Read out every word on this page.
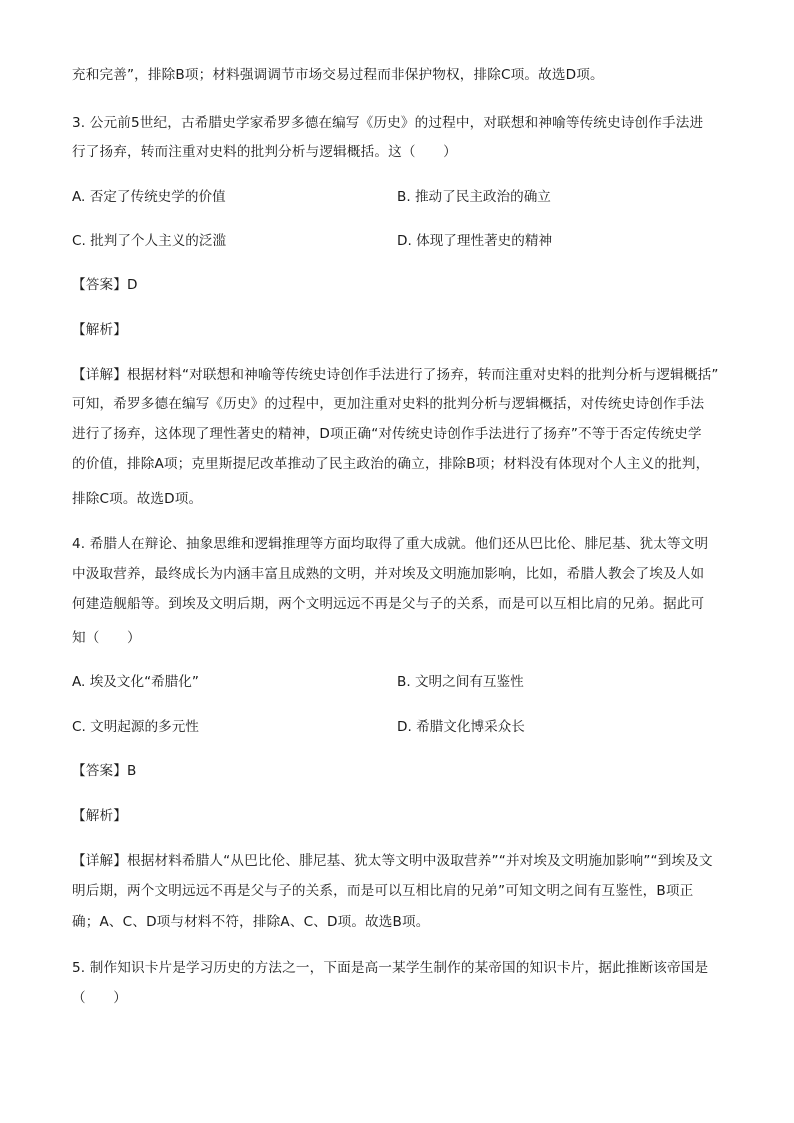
充和完善”，排除B项；材料强调调节市场交易过程而非保护物权，排除C项。故选D项。
3. 公元前5世纪，古希腊史学家希罗多德在编写《历史》的过程中，对联想和神喻等传统史诗创作手法进
行了扬弃，转而注重对史料的批判分析与逻辑概括。这（　　）
A. 否定了传统史学的价值	B. 推动了民主政治的确立
C. 批判了个人主义的泛滥	D. 体现了理性著史的精神
【答案】D
【解析】
【详解】根据材料“对联想和神喻等传统史诗创作手法进行了扬弃，转而注重对史料的批判分析与逻辑概括”
可知，希罗多德在编写《历史》的过程中，更加注重对史料的批判分析与逻辑概括，对传统史诗创作手法
进行了扬弃，这体现了理性著史的精神，D项正确“对传统史诗创作手法进行了扬弃”不等于否定传统史学
的价值，排除A项；克里斯提尼改革推动了民主政治的确立，排除B项；材料没有体现对个人主义的批判，
排除C项。故选D项。
4. 希腊人在辩论、抽象思维和逻辑推理等方面均取得了重大成就。他们还从巴比伦、腓尼基、犹太等文明
中汲取营养，最终成长为内涵丰富且成熟的文明，并对埃及文明施加影响，比如，希腊人教会了埃及人如
何建造舰船等。到埃及文明后期，两个文明远远不再是父与子的关系，而是可以互相比肩的兄弟。据此可
知（　　）
A. 埃及文化“希腊化”	B. 文明之间有互鉴性
C. 文明起源的多元性	D. 希腊文化博采众长
【答案】B
【解析】
【详解】根据材料希腊人“从巴比伦、腓尼基、犹太等文明中汲取营养”“并对埃及文明施加影响”“到埃及文
明后期，两个文明远远不再是父与子的关系，而是可以互相比肩的兄弟”可知文明之间有互鉴性，B项正
确；A、C、D项与材料不符，排除A、C、D项。故选B项。
5. 制作知识卡片是学习历史的方法之一，下面是高一某学生制作的某帝国的知识卡片，据此推断该帝国是
（　　）
